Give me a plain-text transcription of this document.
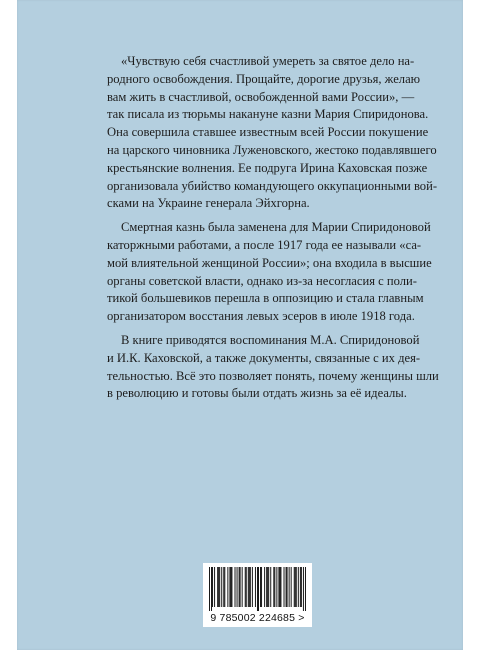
«Чувствую себя счастливой умереть за святое дело на-
родного освобождения. Прощайте, дорогие друзья, желаю
вам жить в счастливой, освобожденной вами России», —
так писала из тюрьмы накануне казни Мария Спиридонова.
Она совершила ставшее известным всей России покушение
на царского чиновника Луженовского, жестоко подавлявшего
крестьянские волнения. Ее подруга Ирина Каховская позже
организовала убийство командующего оккупационными вой-
сками на Украине генерала Эйхгорна.

Смертная казнь была заменена для Марии Спиридоновой
каторжными работами, а после 1917 года ее называли «са-
мой влиятельной женщиной России»; она входила в высшие
органы советской власти, однако из-за несогласия с поли-
тикой большевиков перешла в оппозицию и стала главным
организатором восстания левых эсеров в июле 1918 года.

В книге приводятся воспоминания М.А. Спиридоновой
и И.К. Каховской, а также документы, связанные с их дея-
тельностью. Всё это позволяет понять, почему женщины шли
в революцию и готовы были отдать жизнь за её идеалы.

9 785002 224685 >
